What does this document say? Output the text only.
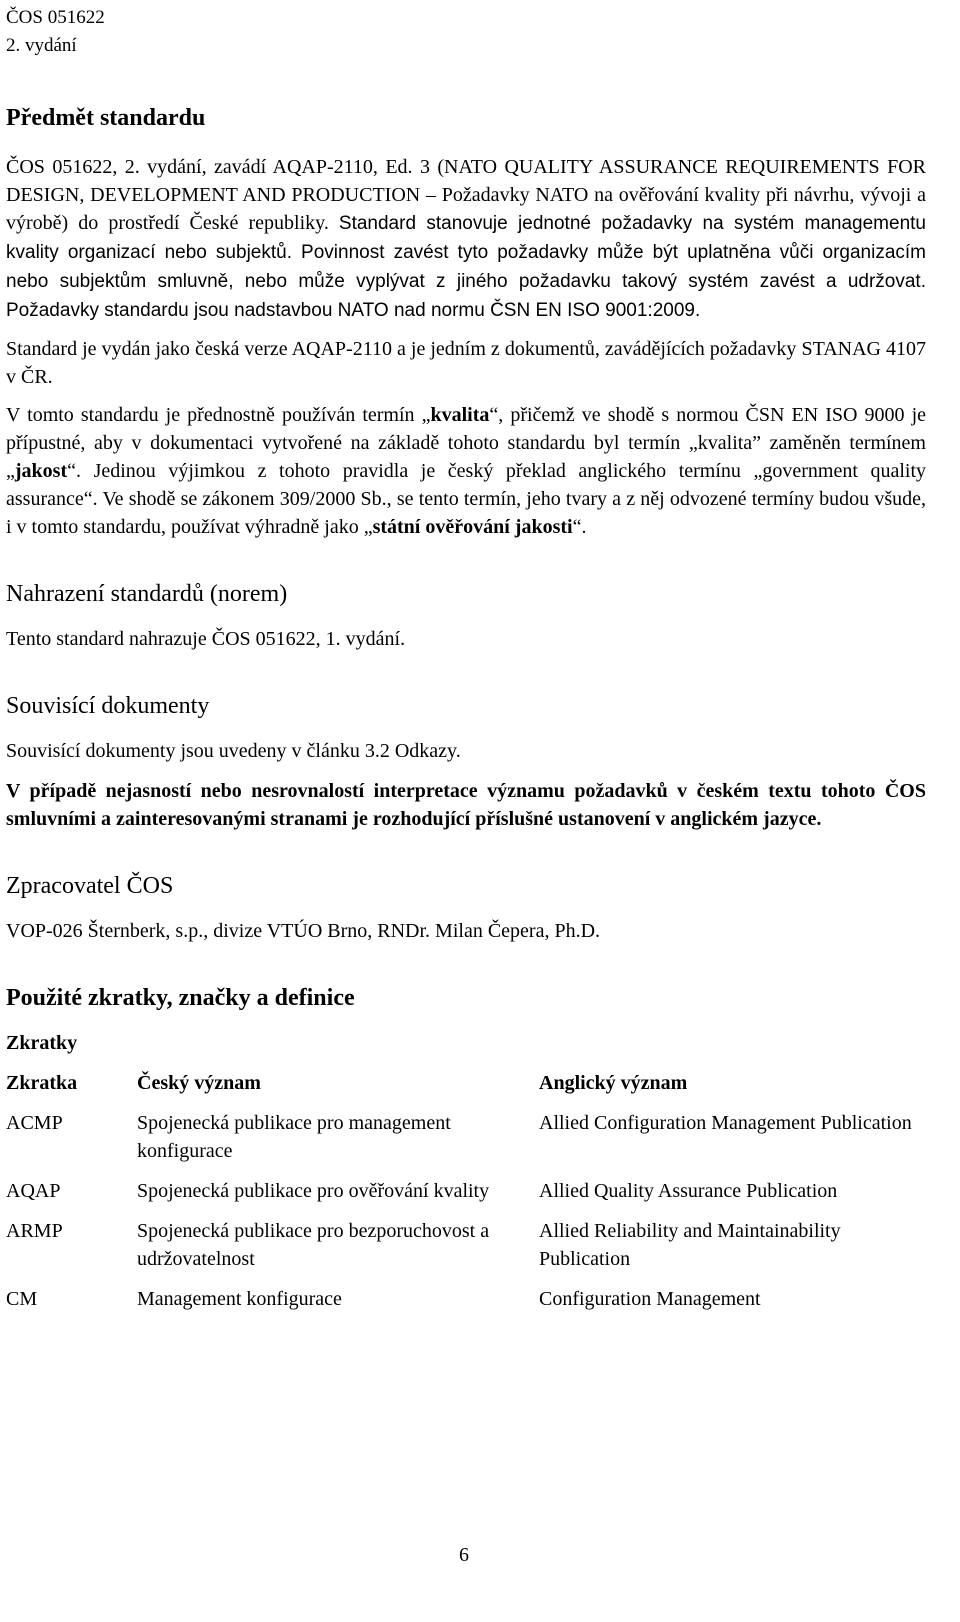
ČOS 051622
2. vydání
Předmět standardu

ČOS 051622, 2. vydání, zavádí AQAP-2110, Ed. 3 (NATO QUALITY ASSURANCE REQUIREMENTS FOR DESIGN, DEVELOPMENT AND PRODUCTION – Požadavky NATO na ověřování kvality při návrhu, vývoji a výrobě) do prostředí České republiky. Standard stanovuje jednotné požadavky na systém managementu kvality organizací nebo subjektů. Povinnost zavést tyto požadavky může být uplatněna vůči organizacím nebo subjektům smluvně, nebo může vyplývat z jiného požadavku takový systém zavést a udržovat. Požadavky standardu jsou nadstavbou NATO nad normu ČSN EN ISO 9001:2009.

Standard je vydán jako česká verze AQAP-2110 a je jedním z dokumentů, zavádějících požadavky STANAG 4107 v ČR.

V tomto standardu je přednostně používán termín „kvalita“, přičemž ve shodě s normou ČSN EN ISO 9000 je přípustné, aby v dokumentaci vytvořené na základě tohoto standardu byl termín „kvalita” zaměněn termínem „jakost“. Jedinou výjimkou z tohoto pravidla je český překlad anglického termínu „government quality assurance“. Ve shodě se zákonem 309/2000 Sb., se tento termín, jeho tvary a z něj odvozené termíny budou všude, i v tomto standardu, používat výhradně jako „státní ověřování jakosti“.

Nahrazení standardů (norem)

Tento standard nahrazuje ČOS 051622, 1. vydání.

Souvisící dokumenty

Souvisící dokumenty jsou uvedeny v článku 3.2 Odkazy.

V případě nejasností nebo nesrovnalostí interpretace významu požadavků v českém textu tohoto ČOS smluvními a zainteresovanými stranami je rozhodující příslušné ustanovení v anglickém jazyce.

Zpracovatel ČOS

VOP-026 Šternberk, s.p., divize VTÚO Brno, RNDr. Milan Čepera, Ph.D.

Použité zkratky, značky a definice
Zkratky
Zkratka	Český význam	Anglický význam
ACMP	Spojenecká publikace pro management konfigurace	Allied Configuration Management Publication
AQAP	Spojenecká publikace pro ověřování kvality	Allied Quality Assurance Publication
ARMP	Spojenecká publikace pro bezporuchovost a udržovatelnost	Allied Reliability and Maintainability Publication
CM	Management konfigurace	Configuration Management
6
